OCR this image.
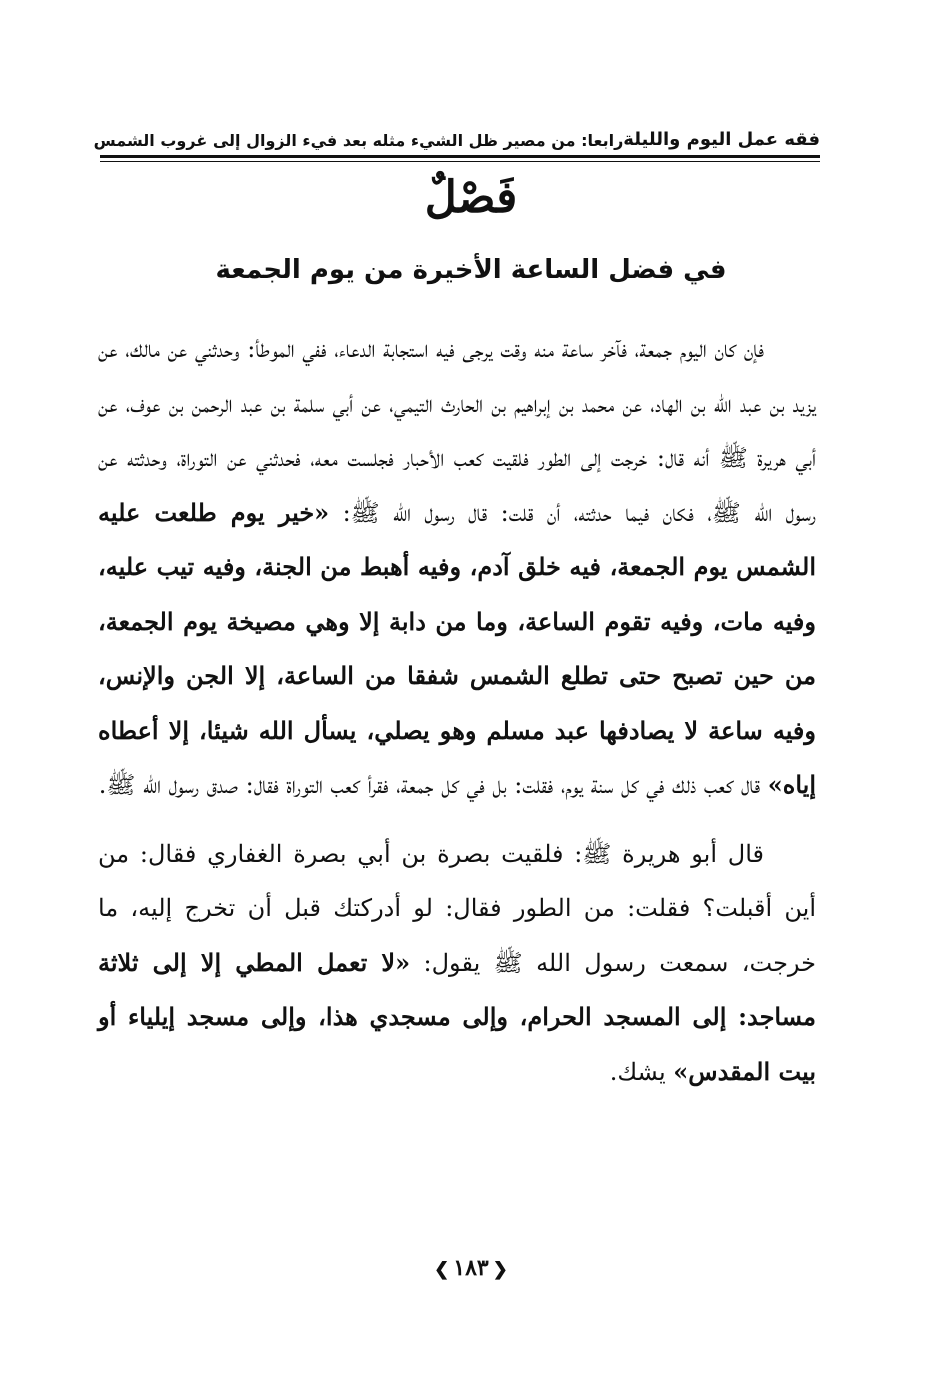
فقه عمل اليوم والليلة
رابعا: من مصير ظل الشيء مثله بعد فيء الزوال إلى غروب الشمس
فَصْلٌ
في فضل الساعة الأخيرة من يوم الجمعة

فإن كان اليوم جمعة، فآخر ساعة منه وقت يرجى فيه استجابة الدعاء، ففي الموطأ: وحدثني عن مالك، عن يزيد بن عبد الله بن الهاد، عن محمد بن إبراهيم بن الحارث التيمي، عن أبي سلمة بن عبد الرحمن بن عوف، عن أبي هريرة ﷺ أنه قال: خرجت إلى الطور فلقيت كعب الأحبار فجلست معه، فحدثني عن التوراة، وحدثته عن رسول الله ﷺ، فكان فيما حدثته، أن قلت: قال رسول الله ﷺ: «خير يوم طلعت عليه الشمس يوم الجمعة، فيه خلق آدم، وفيه أهبط من الجنة، وفيه تيب عليه، وفيه مات، وفيه تقوم الساعة، وما من دابة إلا وهي مصيخة يوم الجمعة، من حين تصبح حتى تطلع الشمس شفقا من الساعة، إلا الجن والإنس، وفيه ساعة لا يصادفها عبد مسلم وهو يصلي، يسأل الله شيئا، إلا أعطاه إياه» قال كعب ذلك في كل سنة يوم، فقلت: بل في كل جمعة، فقرأ كعب التوراة فقال: صدق رسول الله ﷺ.

قال أبو هريرة ﷺ: فلقيت بصرة بن أبي بصرة الغفاري فقال: من أين أقبلت؟ فقلت: من الطور فقال: لو أدركتك قبل أن تخرج إليه، ما خرجت، سمعت رسول الله ﷺ يقول: «لا تعمل المطي إلا إلى ثلاثة مساجد: إلى المسجد الحرام، وإلى مسجدي هذا، وإلى مسجد إيلياء أو بيت المقدس» يشك.

❮١٨٣❯
